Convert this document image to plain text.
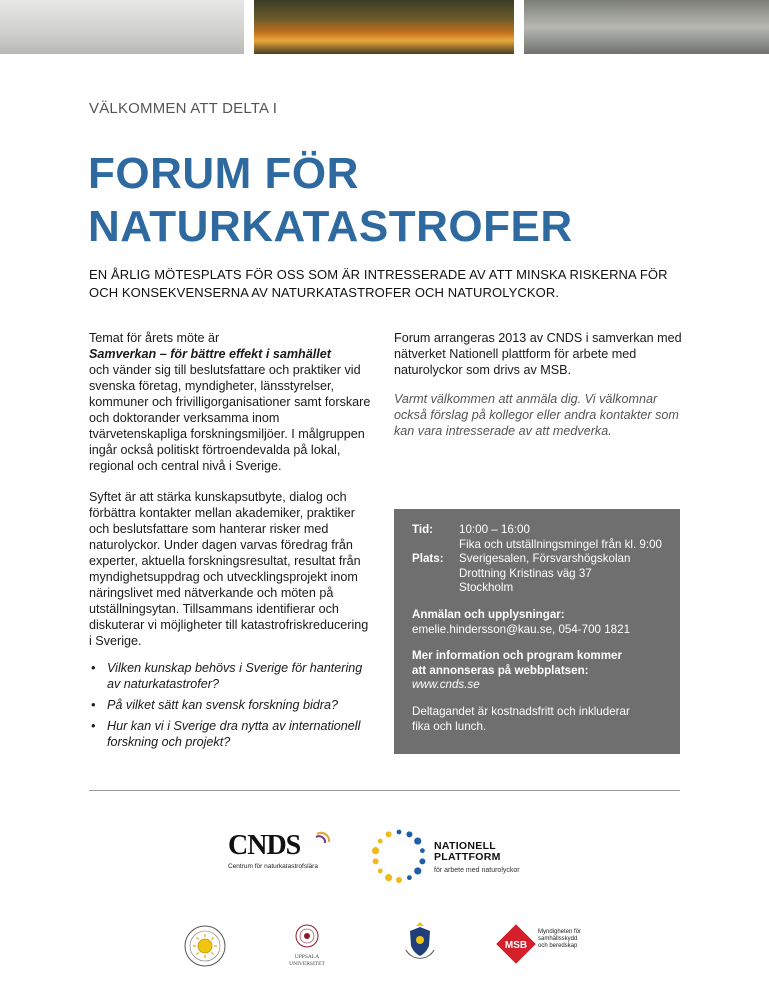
VÄLKOMMEN ATT DELTA I
FORUM FÖR
NATURKATASTROFER
EN ÅRLIG MÖTESPLATS FÖR OSS SOM ÄR INTRESSERADE AV ATT MINSKA RISKERNA FÖR OCH KONSEKVENSERNA AV NATURKATASTROFER OCH NATUROLYCKOR.

Temat för årets möte är
Samverkan – för bättre effekt i samhället
och vänder sig till beslutsfattare och praktiker vid svenska företag, myndigheter, länsstyrelser, kommuner och frivilligorganisationer samt forskare och doktorander verksamma inom tvärvetenskapliga forskningsmiljöer. I målgruppen ingår också politiskt förtroendevalda på lokal, regional och central nivå i Sverige.

Syftet är att stärka kunskapsutbyte, dialog och förbättra kontakter mellan akademiker, praktiker och beslutsfattare som hanterar risker med naturolyckor. Under dagen varvas föredrag från experter, aktuella forskningsresultat, resultat från myndighetsuppdrag och utvecklingsprojekt inom näringslivet med nätverkande och möten på utställningsytan. Tillsammans identifierar och diskuterar vi möjligheter till katastrofriskreducering i Sverige.

• Vilken kunskap behövs i Sverige för hantering av naturkatastrofer?
• På vilket sätt kan svensk forskning bidra?
• Hur kan vi i Sverige dra nytta av internationell forskning och projekt?

Forum arrangeras 2013 av CNDS i samverkan med nätverket Nationell plattform för arbete med naturolyckor som drivs av MSB.

Varmt välkommen att anmäla dig. Vi välkomnar också förslag på kollegor eller andra kontakter som kan vara intresserade av att medverka.

Tid:	10:00 – 16:00
Fika och utställningsmingel från kl. 9:00
Plats:	Sverigesalen, Försvarshögskolan
Drottning Kristinas väg 37
Stockholm
Anmälan och upplysningar:
emelie.hindersson@kau.se, 054-700 1821
Mer information och program kommer
att annonseras på webbplatsen:
www.cnds.se
Deltagandet är kostnadsfritt och inkluderar
fika och lunch.
CNDS
Centrum för naturkatastrofslära
NATIONELL
PLATTFORM
för arbete med naturolyckor
UPPSALA
UNIVERSITET
MSB
Myndigheten för
samhällsskydd
och beredskap
